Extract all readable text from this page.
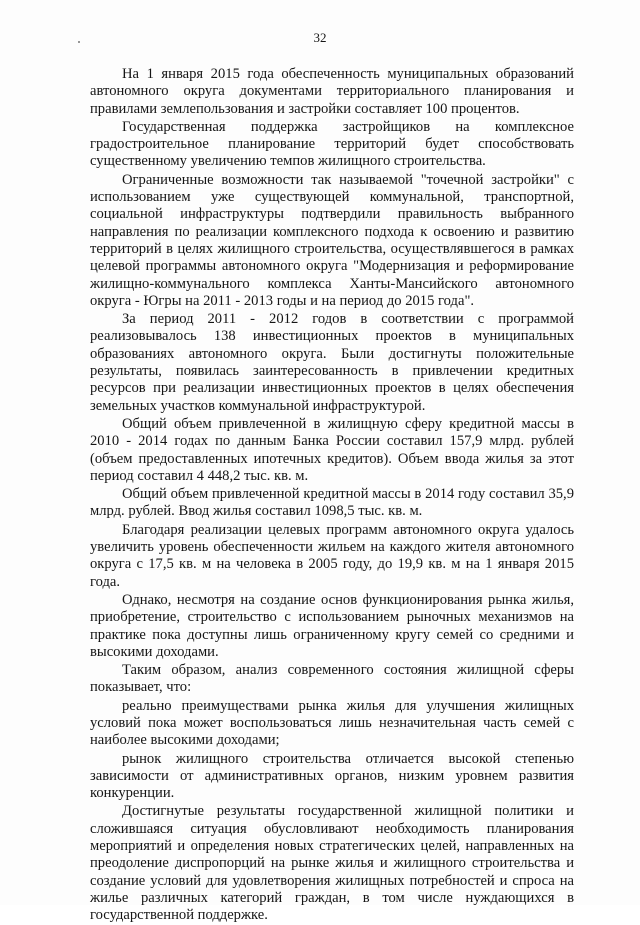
32

На 1 января 2015 года обеспеченность муниципальных образований автономного округа документами территориального планирования и правилами землепользования и застройки составляет 100 процентов.

Государственная поддержка застройщиков на комплексное градостроительное планирование территорий будет способствовать существенному увеличению темпов жилищного строительства.

Ограниченные возможности так называемой "точечной застройки" с использованием уже существующей коммунальной, транспортной, социальной инфраструктуры подтвердили правильность выбранного направления по реализации комплексного подхода к освоению и развитию территорий в целях жилищного строительства, осуществлявшегося в рамках целевой программы автономного округа "Модернизация и реформирование жилищно-коммунального комплекса Ханты-Мансийского автономного округа - Югры на 2011 - 2013 годы и на период до 2015 года".

За период 2011 - 2012 годов в соответствии с программой реализовывалось 138 инвестиционных проектов в муниципальных образованиях автономного округа. Были достигнуты положительные результаты, появилась заинтересованность в привлечении кредитных ресурсов при реализации инвестиционных проектов в целях обеспечения земельных участков коммунальной инфраструктурой.

Общий объем привлеченной в жилищную сферу кредитной массы в 2010 - 2014 годах по данным Банка России составил 157,9 млрд. рублей (объем предоставленных ипотечных кредитов). Объем ввода жилья за этот период составил 4 448,2 тыс. кв. м.

Общий объем привлеченной кредитной массы в 2014 году составил 35,9 млрд. рублей. Ввод жилья составил 1098,5 тыс. кв. м.

Благодаря реализации целевых программ автономного округа удалось увеличить уровень обеспеченности жильем на каждого жителя автономного округа с 17,5 кв. м на человека в 2005 году, до 19,9 кв. м на 1 января 2015 года.

Однако, несмотря на создание основ функционирования рынка жилья, приобретение, строительство с использованием рыночных механизмов на практике пока доступны лишь ограниченному кругу семей со средними и высокими доходами.

Таким образом, анализ современного состояния жилищной сферы показывает, что:

реально преимуществами рынка жилья для улучшения жилищных условий пока может воспользоваться лишь незначительная часть семей с наиболее высокими доходами;

рынок жилищного строительства отличается высокой степенью зависимости от административных органов, низким уровнем развития конкуренции.

Достигнутые результаты государственной жилищной политики и сложившаяся ситуация обусловливают необходимость планирования мероприятий и определения новых стратегических целей, направленных на преодоление диспропорций на рынке жилья и жилищного строительства и создание условий для удовлетворения жилищных потребностей и спроса на жилье различных категорий граждан, в том числе нуждающихся в государственной поддержке.
